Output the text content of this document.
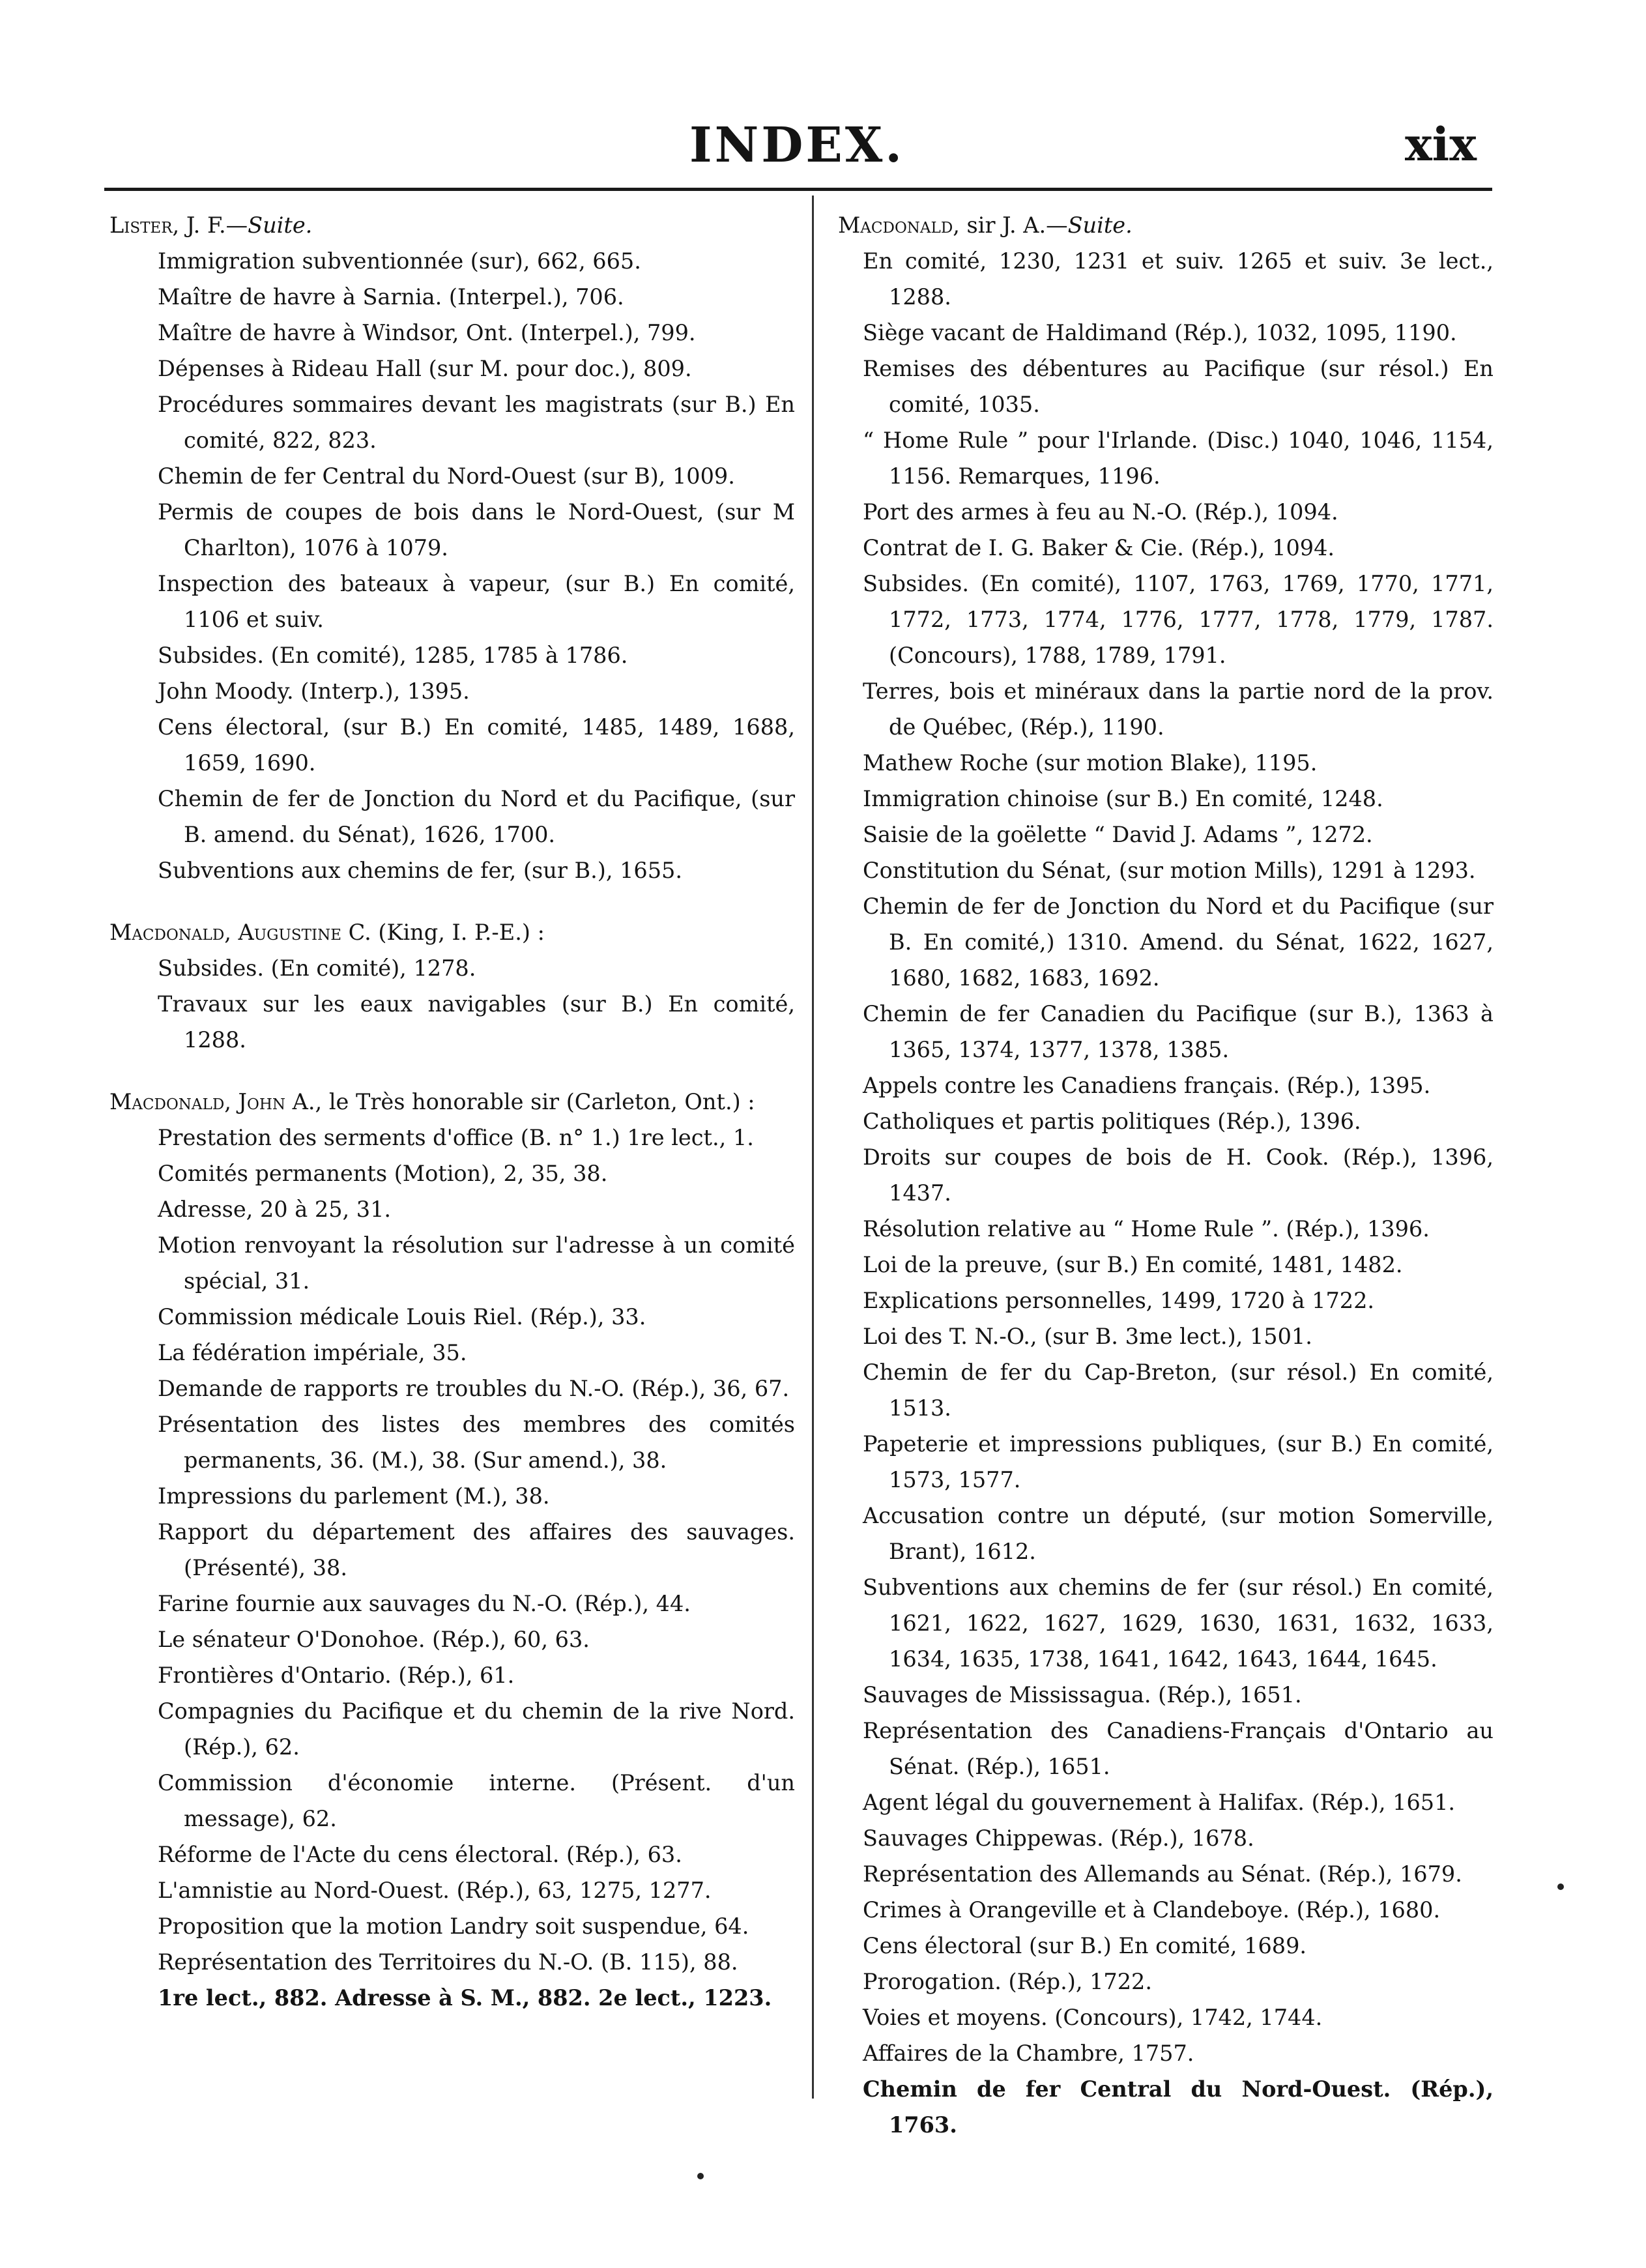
INDEX.	xix
Lister, J. F.—Suite.
Immigration subventionnée (sur), 662, 665.
Maître de havre à Sarnia. (Interpel.), 706.
Maître de havre à Windsor, Ont. (Interpel.), 799.
Dépenses à Rideau Hall (sur M. pour doc.), 809.
Procédures sommaires devant les magistrats (sur B.) En comité, 822, 823.
Chemin de fer Central du Nord-Ouest (sur B), 1009.
Permis de coupes de bois dans le Nord-Ouest, (sur M Charlton), 1076 à 1079.
Inspection des bateaux à vapeur, (sur B.) En comité, 1106 et suiv.
Subsides. (En comité), 1285, 1785 à 1786.
John Moody. (Interp.), 1395.
Cens électoral, (sur B.) En comité, 1485, 1489, 1688, 1659, 1690.
Chemin de fer de Jonction du Nord et du Pacifique, (sur B. amend. du Sénat), 1626, 1700.
Subventions aux chemins de fer, (sur B.), 1655.
Macdonald, Augustine C. (King, I. P.-E.) :
Subsides. (En comité), 1278.
Travaux sur les eaux navigables (sur B.) En comité, 1288.
Macdonald, John A., le Très honorable sir (Carleton, Ont.) :
Prestation des serments d'office (B. n° 1.) 1re lect., 1.
Comités permanents (Motion), 2, 35, 38.
Adresse, 20 à 25, 31.
Motion renvoyant la résolution sur l'adresse à un comité spécial, 31.
Commission médicale Louis Riel. (Rép.), 33.
La fédération impériale, 35.
Demande de rapports re troubles du N.-O. (Rép.), 36, 67.
Présentation des listes des membres des comités permanents, 36. (M.), 38. (Sur amend.), 38.
Impressions du parlement (M.), 38.
Rapport du département des affaires des sauvages. (Présenté), 38.
Farine fournie aux sauvages du N.-O. (Rép.), 44.
Le sénateur O'Donohoe. (Rép.), 60, 63.
Frontières d'Ontario. (Rép.), 61.
Compagnies du Pacifique et du chemin de la rive Nord. (Rép.), 62.
Commission d'économie interne. (Présent. d'un message), 62.
Réforme de l'Acte du cens électoral. (Rép.), 63.
L'amnistie au Nord-Ouest. (Rép.), 63, 1275, 1277.
Proposition que la motion Landry soit suspendue, 64.
Représentation des Territoires du N.-O. (B. 115), 88.
1re lect., 882. Adresse à S. M., 882. 2e lect., 1223.
Macdonald, sir J. A.—Suite.
En comité, 1230, 1231 et suiv. 1265 et suiv. 3e lect., 1288.
Siège vacant de Haldimand (Rép.), 1032, 1095, 1190.
Remises des débentures au Pacifique (sur résol.) En comité, 1035.
“ Home Rule ” pour l'Irlande. (Disc.) 1040, 1046, 1154, 1156. Remarques, 1196.
Port des armes à feu au N.-O. (Rép.), 1094.
Contrat de I. G. Baker & Cie. (Rép.), 1094.
Subsides. (En comité), 1107, 1763, 1769, 1770, 1771, 1772, 1773, 1774, 1776, 1777, 1778, 1779, 1787. (Concours), 1788, 1789, 1791.
Terres, bois et minéraux dans la partie nord de la prov. de Québec, (Rép.), 1190.
Mathew Roche (sur motion Blake), 1195.
Immigration chinoise (sur B.) En comité, 1248.
Saisie de la goëlette “ David J. Adams ”, 1272.
Constitution du Sénat, (sur motion Mills), 1291 à 1293.
Chemin de fer de Jonction du Nord et du Pacifique (sur B. En comité,) 1310. Amend. du Sénat, 1622, 1627, 1680, 1682, 1683, 1692.
Chemin de fer Canadien du Pacifique (sur B.), 1363 à 1365, 1374, 1377, 1378, 1385.
Appels contre les Canadiens français. (Rép.), 1395.
Catholiques et partis politiques (Rép.), 1396.
Droits sur coupes de bois de H. Cook. (Rép.), 1396, 1437.
Résolution relative au “ Home Rule ”. (Rép.), 1396.
Loi de la preuve, (sur B.) En comité, 1481, 1482.
Explications personnelles, 1499, 1720 à 1722.
Loi des T. N.-O., (sur B. 3me lect.), 1501.
Chemin de fer du Cap-Breton, (sur résol.) En comité, 1513.
Papeterie et impressions publiques, (sur B.) En comité, 1573, 1577.
Accusation contre un député, (sur motion Somerville, Brant), 1612.
Subventions aux chemins de fer (sur résol.) En comité, 1621, 1622, 1627, 1629, 1630, 1631, 1632, 1633, 1634, 1635, 1738, 1641, 1642, 1643, 1644, 1645.
Sauvages de Mississagua. (Rép.), 1651.
Représentation des Canadiens-Français d'Ontario au Sénat. (Rép.), 1651.
Agent légal du gouvernement à Halifax. (Rép.), 1651.
Sauvages Chippewas. (Rép.), 1678.
Représentation des Allemands au Sénat. (Rép.), 1679.
Crimes à Orangeville et à Clandeboye. (Rép.), 1680.
Cens électoral (sur B.) En comité, 1689.
Prorogation. (Rép.), 1722.
Voies et moyens. (Concours), 1742, 1744.
Affaires de la Chambre, 1757.
Chemin de fer Central du Nord-Ouest. (Rép.), 1763.
